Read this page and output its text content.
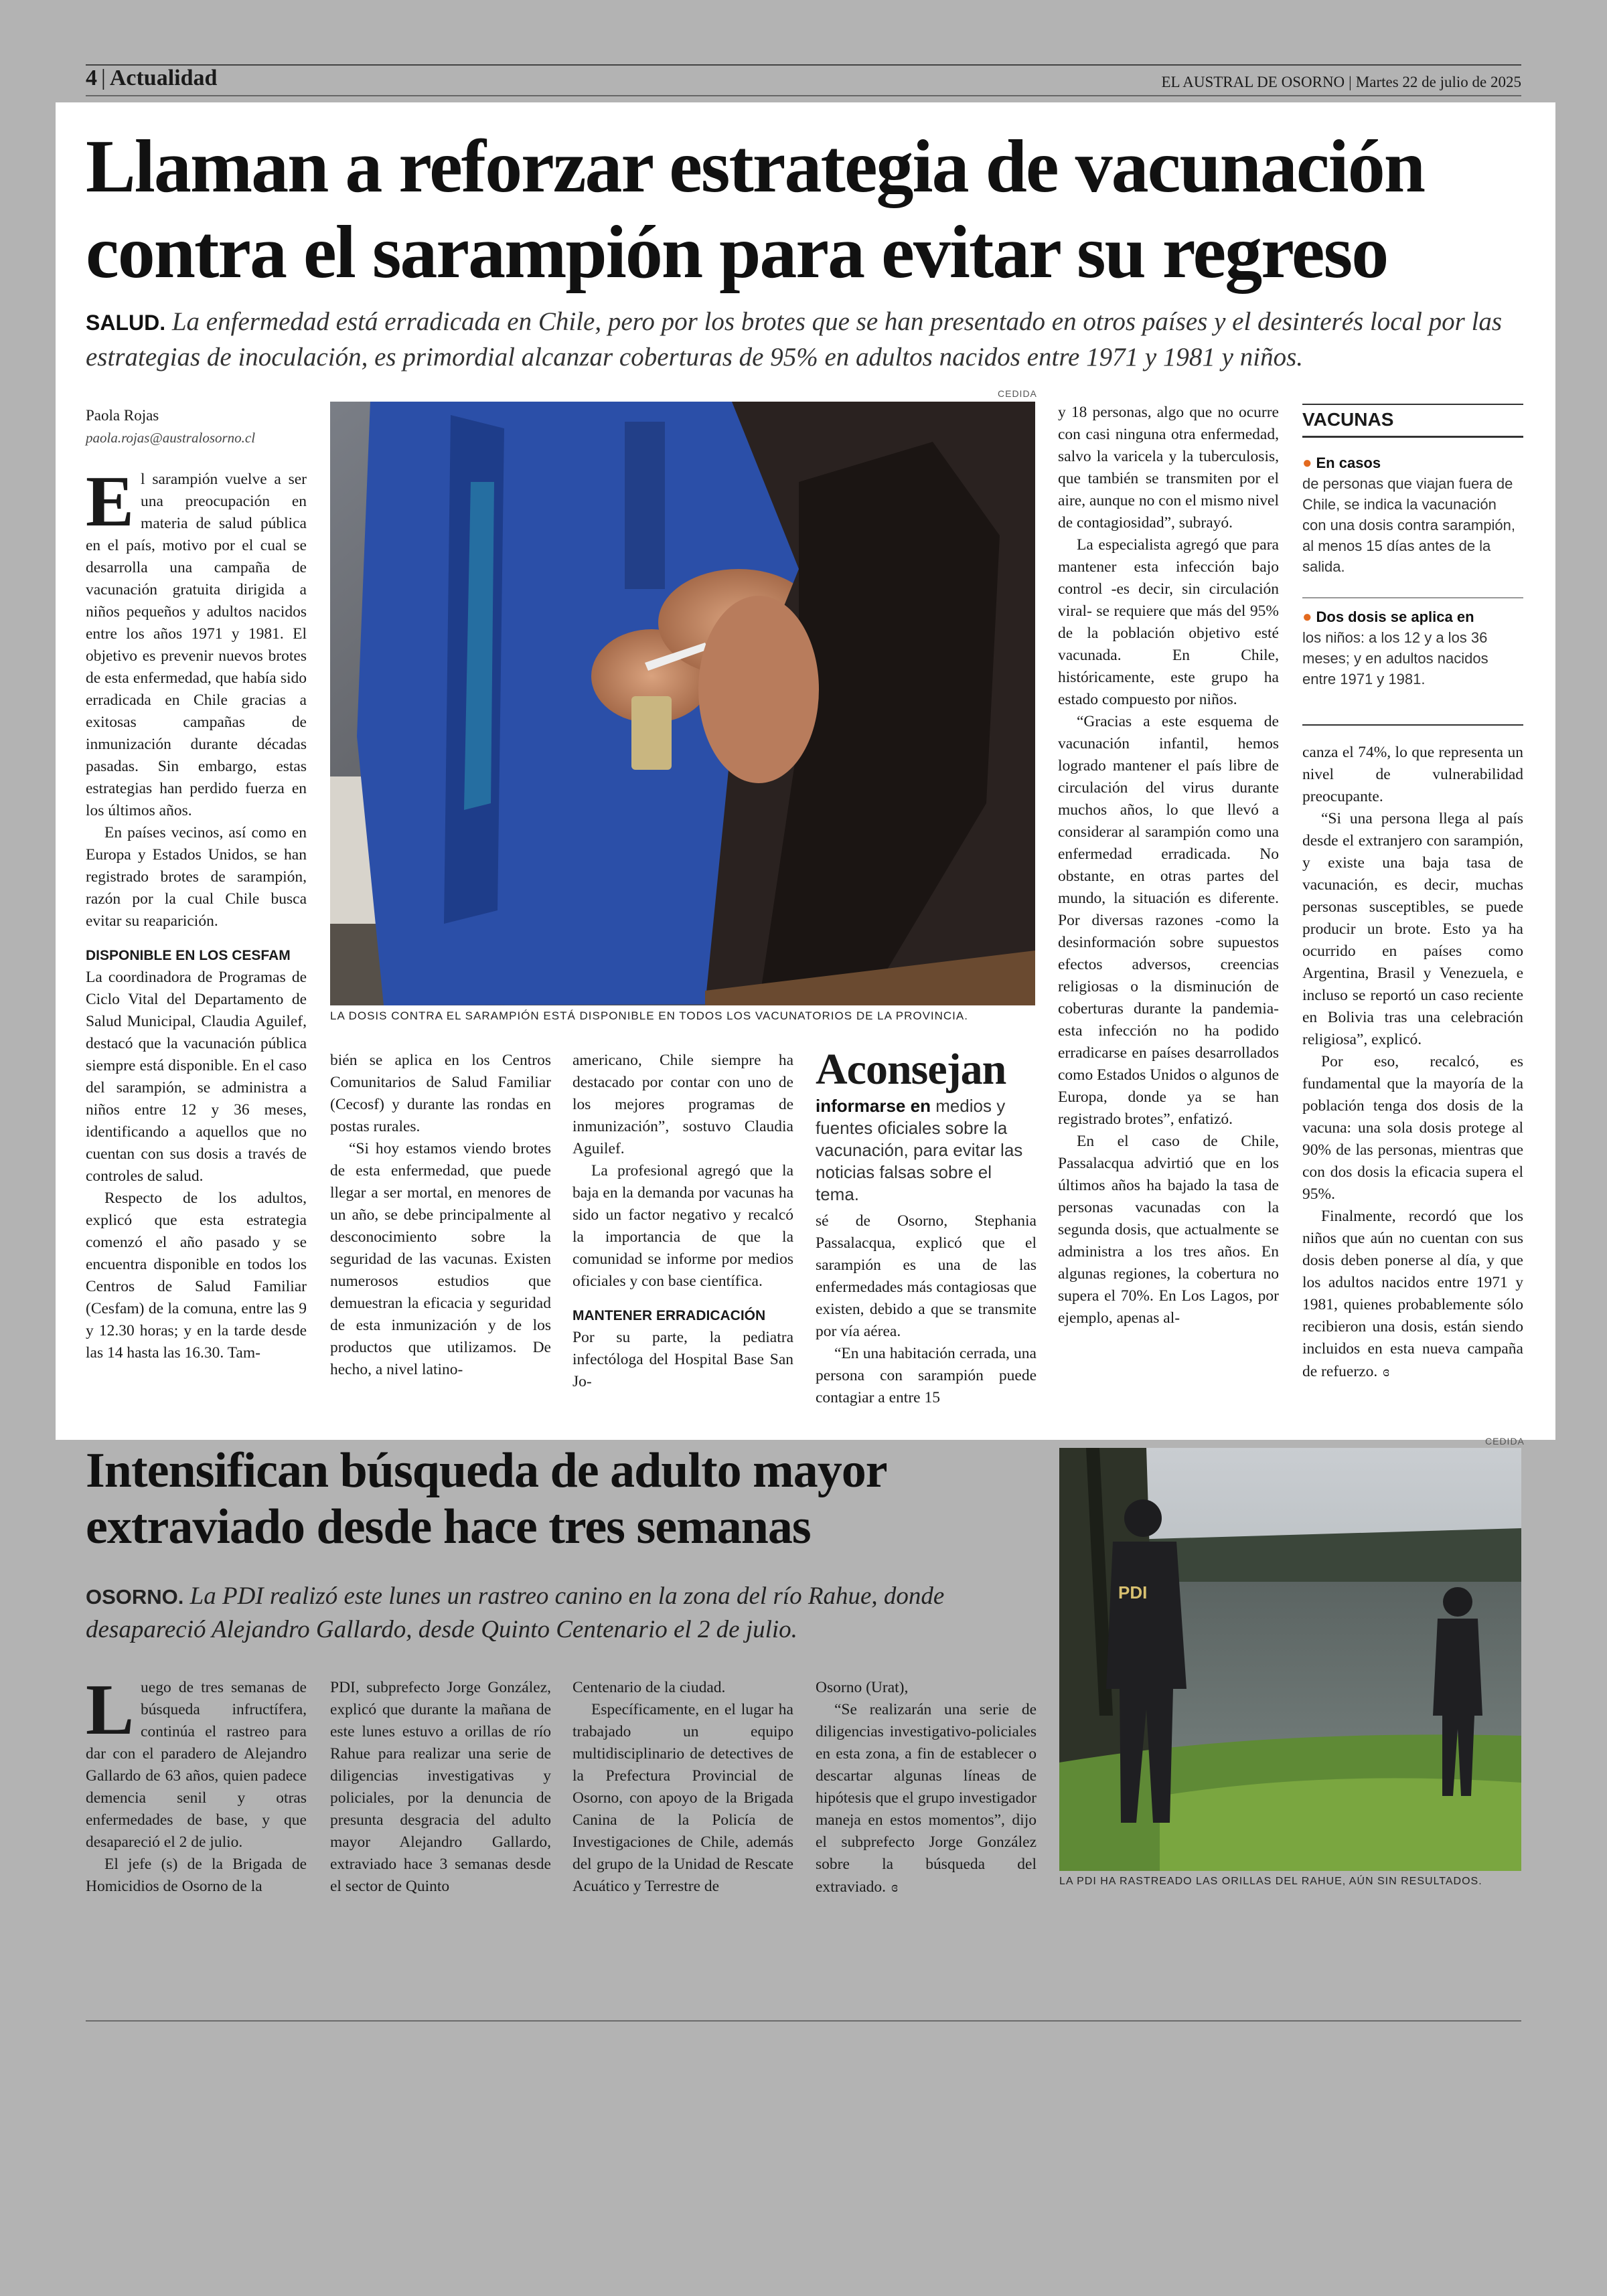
4 | Actualidad	EL AUSTRAL DE OSORNO | Martes 22 de julio de 2025
Llaman a reforzar estrategia de vacunación contra el sarampión para evitar su regreso
SALUD. La enfermedad está erradicada en Chile, pero por los brotes que se han presentado en otros países y el desinterés local por las estrategias de inoculación, es primordial alcanzar coberturas de 95% en adultos nacidos entre 1971 y 1981 y niños.
Paola Rojas
paola.rojas@australosorno.cl

El sarampión vuelve a ser una preocupación en materia de salud pública en el país, motivo por el cual se desarrolla una campaña de vacunación gratuita dirigida a niños pequeños y adultos nacidos entre los años 1971 y 1981. El objetivo es prevenir nuevos brotes de esta enfermedad, que había sido erradicada en Chile gracias a exitosas campañas de inmunización durante décadas pasadas. Sin embargo, estas estrategias han perdido fuerza en los últimos años.

En países vecinos, así como en Europa y Estados Unidos, se han registrado brotes de sarampión, razón por la cual Chile busca evitar su reaparición.

DISPONIBLE EN LOS CESFAM

La coordinadora de Programas de Ciclo Vital del Departamento de Salud Municipal, Claudia Aguilef, destacó que la vacunación pública siempre está disponible. En el caso del sarampión, se administra a niños entre 12 y 36 meses, identificando a aquellos que no cuentan con sus dosis a través de controles de salud.

Respecto de los adultos, explicó que esta estrategia comenzó el año pasado y se encuentra disponible en todos los Centros de Salud Familiar (Cesfam) de la comuna, entre las 9 y 12.30 horas; y en la tarde desde las 14 hasta las 16.30. Tam-

CEDIDA
LA DOSIS CONTRA EL SARAMPIÓN ESTÁ DISPONIBLE EN TODOS LOS VACUNATORIOS DE LA PROVINCIA.

bién se aplica en los Centros Comunitarios de Salud Familiar (Cecosf) y durante las rondas en postas rurales.

“Si hoy estamos viendo brotes de esta enfermedad, que puede llegar a ser mortal, en menores de un año, se debe principalmente al desconocimiento sobre la seguridad de las vacunas. Existen numerosos estudios que demuestran la eficacia y seguridad de esta inmunización y de los productos que utilizamos. De hecho, a nivel latino-

americano, Chile siempre ha destacado por contar con uno de los mejores programas de inmunización”, sostuvo Claudia Aguilef.

La profesional agregó que la baja en la demanda por vacunas ha sido un factor negativo y recalcó la importancia de que la comunidad se informe por medios oficiales y con base científica.

MANTENER ERRADICACIÓN

Por su parte, la pediatra infectóloga del Hospital Base San Jo-

Aconsejan
informarse en medios y fuentes oficiales sobre la vacunación, para evitar las noticias falsas sobre el tema.

sé de Osorno, Stephania Passalacqua, explicó que el sarampión es una de las enfermedades más contagiosas que existen, debido a que se transmite por vía aérea.

“En una habitación cerrada, una persona con sarampión puede contagiar a entre 15

y 18 personas, algo que no ocurre con casi ninguna otra enfermedad, salvo la varicela y la tuberculosis, que también se transmiten por el aire, aunque no con el mismo nivel de contagiosidad”, subrayó.

La especialista agregó que para mantener esta infección bajo control -es decir, sin circulación viral- se requiere que más del 95% de la población objetivo esté vacunada. En Chile, históricamente, este grupo ha estado compuesto por niños.

“Gracias a este esquema de vacunación infantil, hemos logrado mantener el país libre de circulación del virus durante muchos años, lo que llevó a considerar al sarampión como una enfermedad erradicada. No obstante, en otras partes del mundo, la situación es diferente. Por diversas razones -como la desinformación sobre supuestos efectos adversos, creencias religiosas o la disminución de coberturas durante la pandemia- esta infección no ha podido erradicarse en países desarrollados como Estados Unidos o algunos de Europa, donde ya se han registrado brotes”, enfatizó.

En el caso de Chile, Passalacqua advirtió que en los últimos años ha bajado la tasa de personas vacunadas con la segunda dosis, que actualmente se administra a los tres años. En algunas regiones, la cobertura no supera el 70%. En Los Lagos, por ejemplo, apenas al-

VACUNAS
● En casos
de personas que viajan fuera de Chile, se indica la vacunación con una dosis contra sarampión, al menos 15 días antes de la salida.
● Dos dosis se aplica en
los niños: a los 12 y a los 36 meses; y en adultos nacidos entre 1971 y 1981.

canza el 74%, lo que representa un nivel de vulnerabilidad preocupante.

“Si una persona llega al país desde el extranjero con sarampión, y existe una baja tasa de vacunación, es decir, muchas personas susceptibles, se puede producir un brote. Esto ya ha ocurrido en países como Argentina, Brasil y Venezuela, e incluso se reportó un caso reciente en Bolivia tras una celebración religiosa”, explicó.

Por eso, recalcó, es fundamental que la mayoría de la población tenga dos dosis de la vacuna: una sola dosis protege al 90% de las personas, mientras que con dos dosis la eficacia supera el 95%.

Finalmente, recordó que los niños que aún no cuentan con sus dosis deben ponerse al día, y que los adultos nacidos entre 1971 y 1981, quienes probablemente sólo recibieron una dosis, están siendo incluidos en esta nueva campaña de refuerzo. ɞ

Intensifican búsqueda de adulto mayor extraviado desde hace tres semanas
OSORNO. La PDI realizó este lunes un rastreo canino en la zona del río Rahue, donde desapareció Alejandro Gallardo, desde Quinto Centenario el 2 de julio.

Luego de tres semanas de búsqueda infructífera, continúa el rastreo para dar con el paradero de Alejandro Gallardo de 63 años, quien padece demencia senil y otras enfermedades de base, y que desapareció el 2 de julio.

El jefe (s) de la Brigada de Homicidios de Osorno de la

PDI, subprefecto Jorge González, explicó que durante la mañana de este lunes estuvo a orillas de río Rahue para realizar una serie de diligencias investigativas y policiales, por la denuncia de presunta desgracia del adulto mayor Alejandro Gallardo, extraviado hace 3 semanas desde el sector de Quinto

Centenario de la ciudad.

Específicamente, en el lugar ha trabajado un equipo multidisciplinario de detectives de la Prefectura Provincial de Osorno, con apoyo de la Brigada Canina de la Policía de Investigaciones de Chile, además del grupo de la Unidad de Rescate Acuático y Terrestre de

Osorno (Urat),

“Se realizarán una serie de diligencias investigativo-policiales en esta zona, a fin de establecer o descartar algunas líneas de hipótesis que el grupo investigador maneja en estos momentos”, dijo el subprefecto Jorge González sobre la búsqueda del extraviado. ɞ

CEDIDA
PDI
LA PDI HA RASTREADO LAS ORILLAS DEL RAHUE, AÚN SIN RESULTADOS.
